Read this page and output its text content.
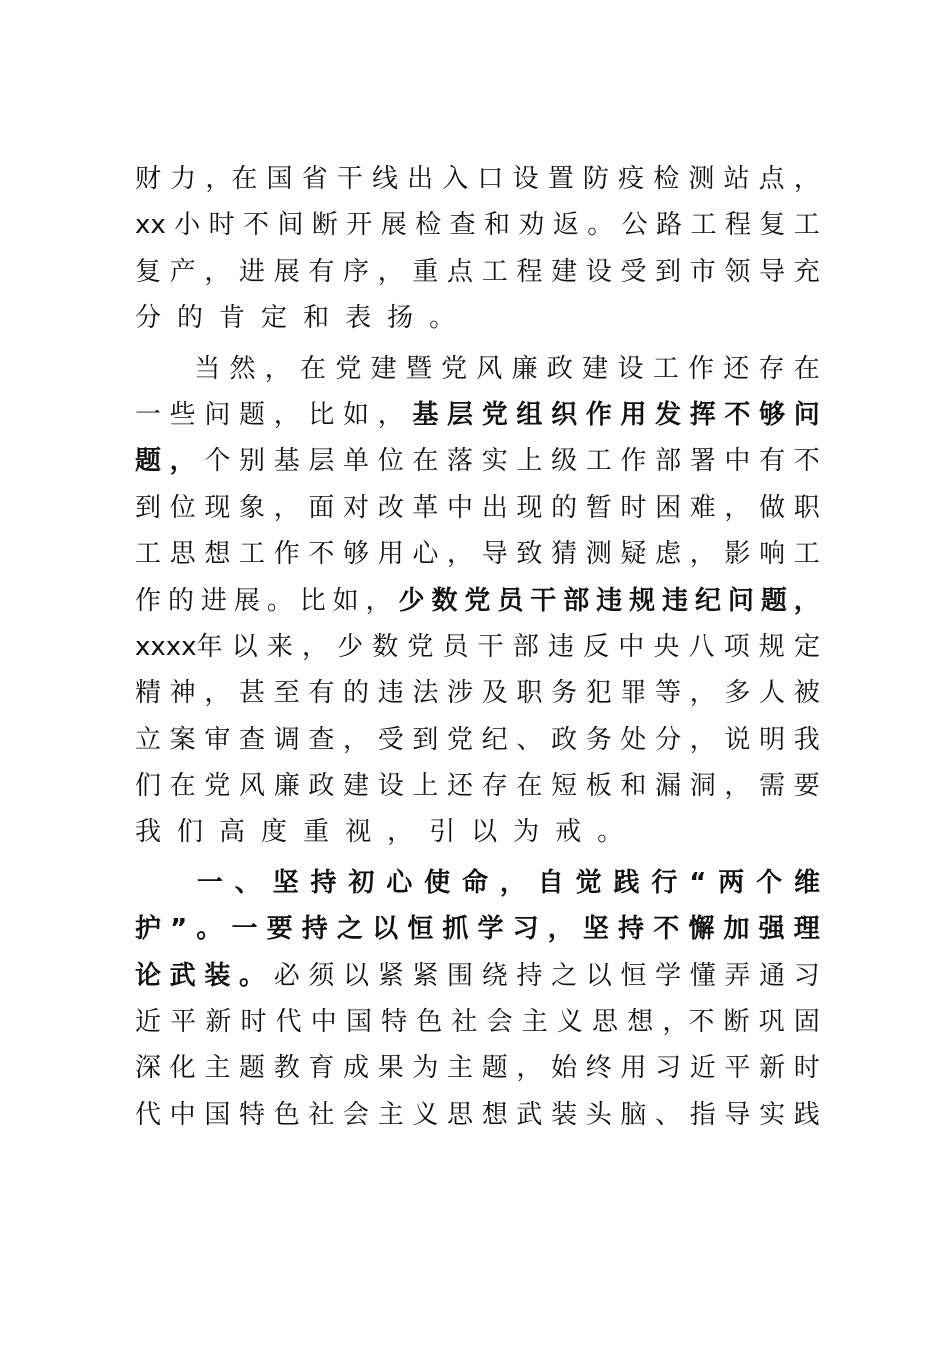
财 力 ，在 国 省 干 线 出 入 口 设 置 防 疫 检 测 站 点 ，
xx 小 时 不 间 断 开 展 检 查 和 劝 返 。 公 路 工 程 复 工
复 产 ， 进 展 有 序 ， 重 点 工 程 建 设 受 到 市 领 导 充
分 的 肯 定 和 表 扬 。
当 然 ， 在 党 建 暨 党 风 廉 政 建 设 工 作 还 存 在
一 些 问 题 ， 比 如 ， 基 层 党 组 织 作 用 发 挥 不 够 问
题 ， 个 别 基 层 单 位 在 落 实 上 级 工 作 部 署 中 有 不
到 位 现 象 ， 面 对 改 革 中 出 现 的 暂 时 困 难 ， 做 职
工 思 想 工 作 不 够 用 心 ， 导 致 猜 测 疑 虑 ， 影 响 工
作 的 进 展 。 比 如 ， 少 数 党 员 干 部 违 规 违 纪 问 题 ，
xxxx年 以 来 ， 少 数 党 员 干 部 违 反 中 央 八 项 规 定
精 神 ， 甚 至 有 的 违 法 涉 及 职 务 犯 罪 等 ， 多 人 被
立 案 审 查 调 查 ， 受 到 党 纪 、 政 务 处 分 ， 说 明 我
们 在 党 风 廉 政 建 设 上 还 存 在 短 板 和 漏 洞 ， 需 要
我 们 高 度 重 视 ， 引 以 为 戒 。
一 、 坚 持 初 心 使 命 ， 自 觉 践 行 “ 两 个 维
护 ” 。 一 要 持 之 以 恒 抓 学 习 ， 坚 持 不 懈 加 强 理
论 武 装 。 必 须 以 紧 紧 围 绕 持 之 以 恒 学 懂 弄 通 习
近 平 新 时 代 中 国 特 色 社 会 主 义 思 想 ，不 断 巩 固
深 化 主 题 教 育 成 果 为 主 题 ， 始 终 用 习 近 平 新 时
代 中 国 特 色 社 会 主 义 思 想 武 装 头 脑 、 指 导 实 践
